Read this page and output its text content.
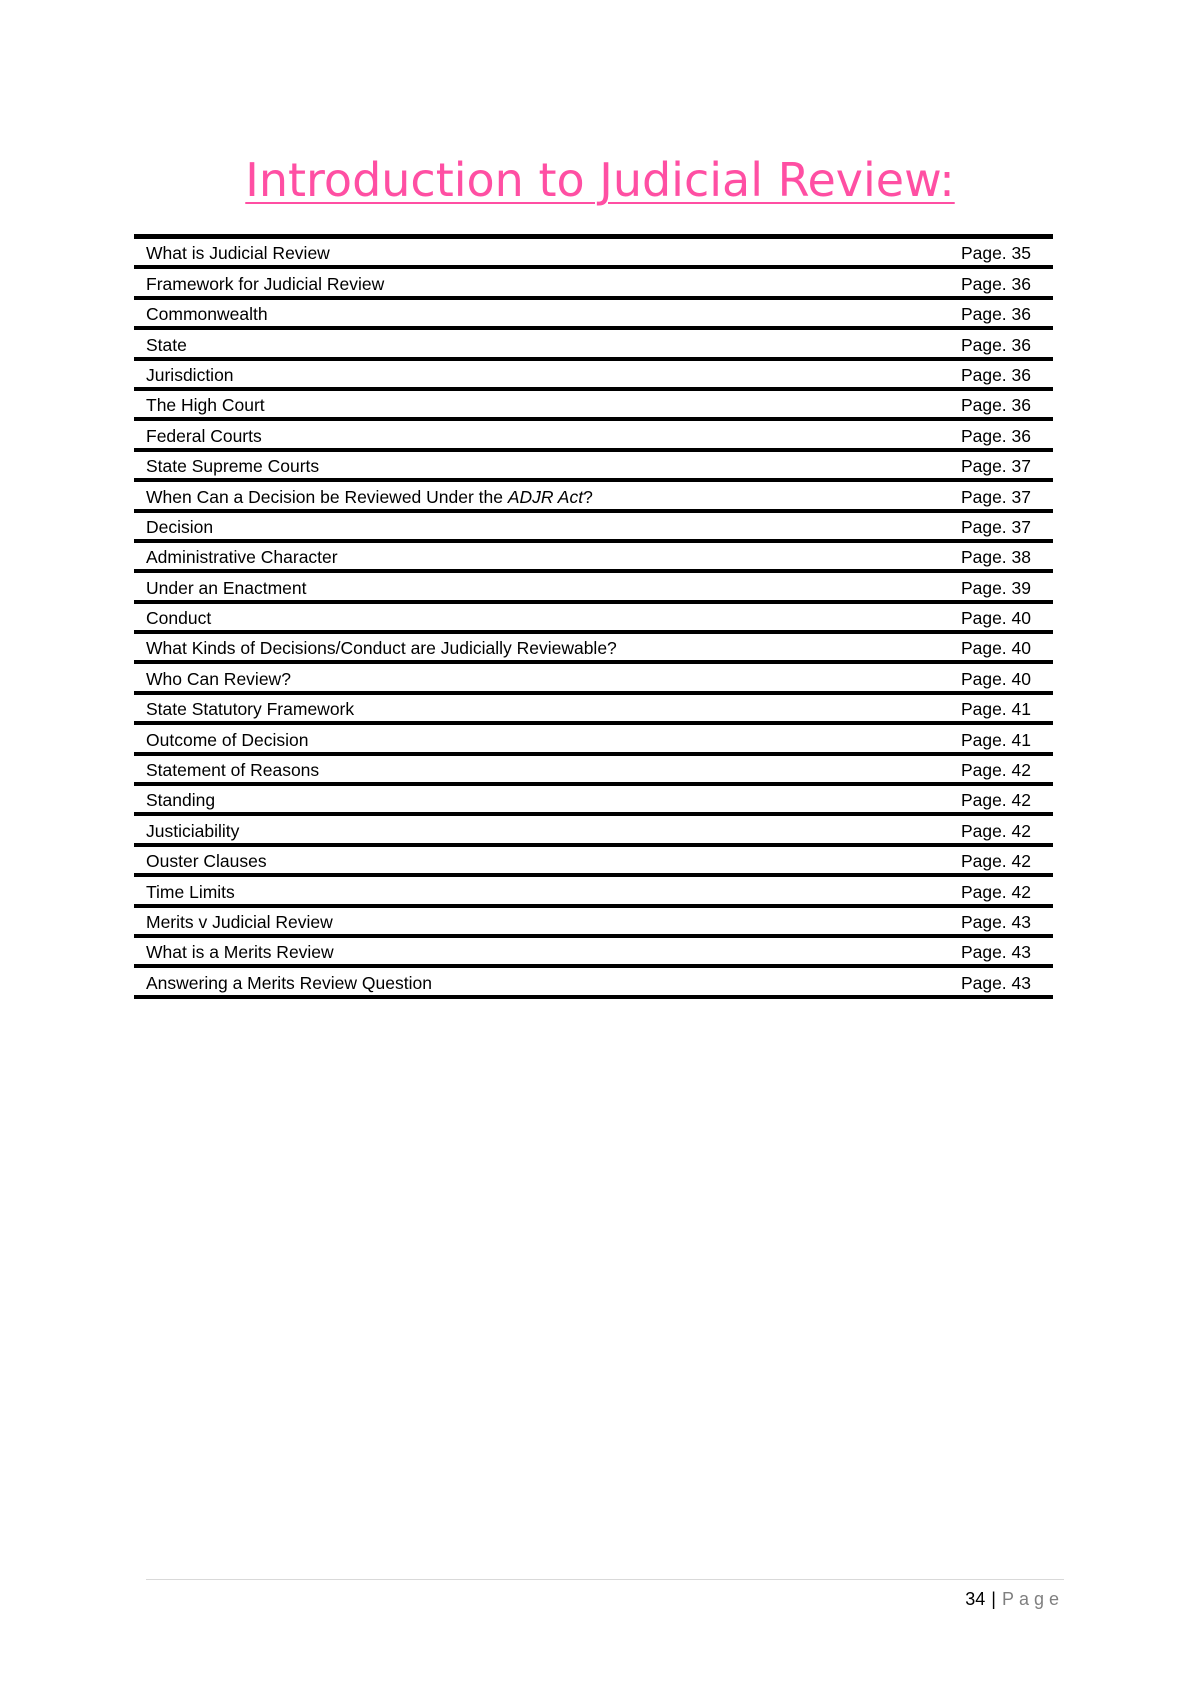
Introduction to Judicial Review:
What is Judicial Review	Page. 35
Framework for Judicial Review	Page. 36
Commonwealth	Page. 36
State	Page. 36
Jurisdiction	Page. 36
The High Court	Page. 36
Federal Courts	Page. 36
State Supreme Courts	Page. 37
When Can a Decision be Reviewed Under the ADJR Act?	Page. 37
Decision	Page. 37
Administrative Character	Page. 38
Under an Enactment	Page. 39
Conduct	Page. 40
What Kinds of Decisions/Conduct are Judicially Reviewable?	Page. 40
Who Can Review?	Page. 40
State Statutory Framework	Page. 41
Outcome of Decision	Page. 41
Statement of Reasons	Page. 42
Standing	Page. 42
Justiciability	Page. 42
Ouster Clauses	Page. 42
Time Limits	Page. 42
Merits v Judicial Review	Page. 43
What is a Merits Review	Page. 43
Answering a Merits Review Question	Page. 43
34 | Page
